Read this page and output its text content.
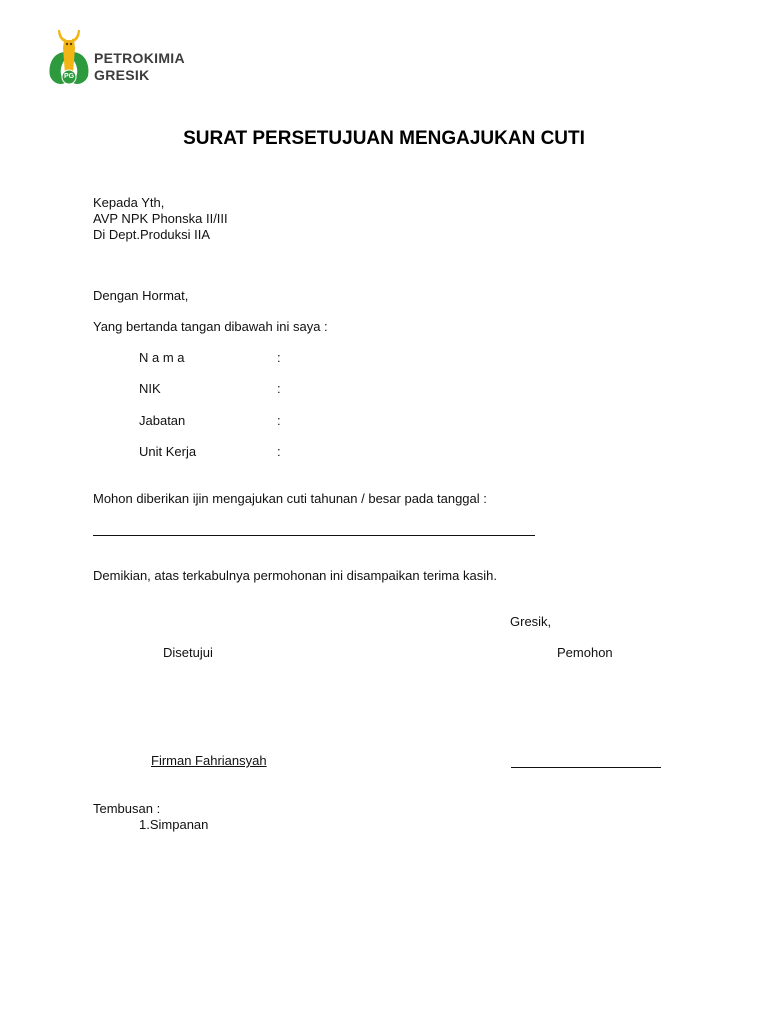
PG
PETROKIMIA
GRESIK
SURAT PERSETUJUAN MENGAJUKAN CUTI
Kepada Yth,
AVP NPK Phonska II/III
Di Dept.Produksi IIA
Dengan Hormat,
Yang bertanda tangan dibawah ini saya :
N a m a	:
NIK	:
Jabatan	:
Unit Kerja	:
Mohon diberikan ijin mengajukan cuti tahunan / besar pada tanggal :
Demikian, atas terkabulnya permohonan ini disampaikan terima kasih.
Gresik,
Disetujui	Pemohon
Firman Fahriansyah
Tembusan :
1.Simpanan
